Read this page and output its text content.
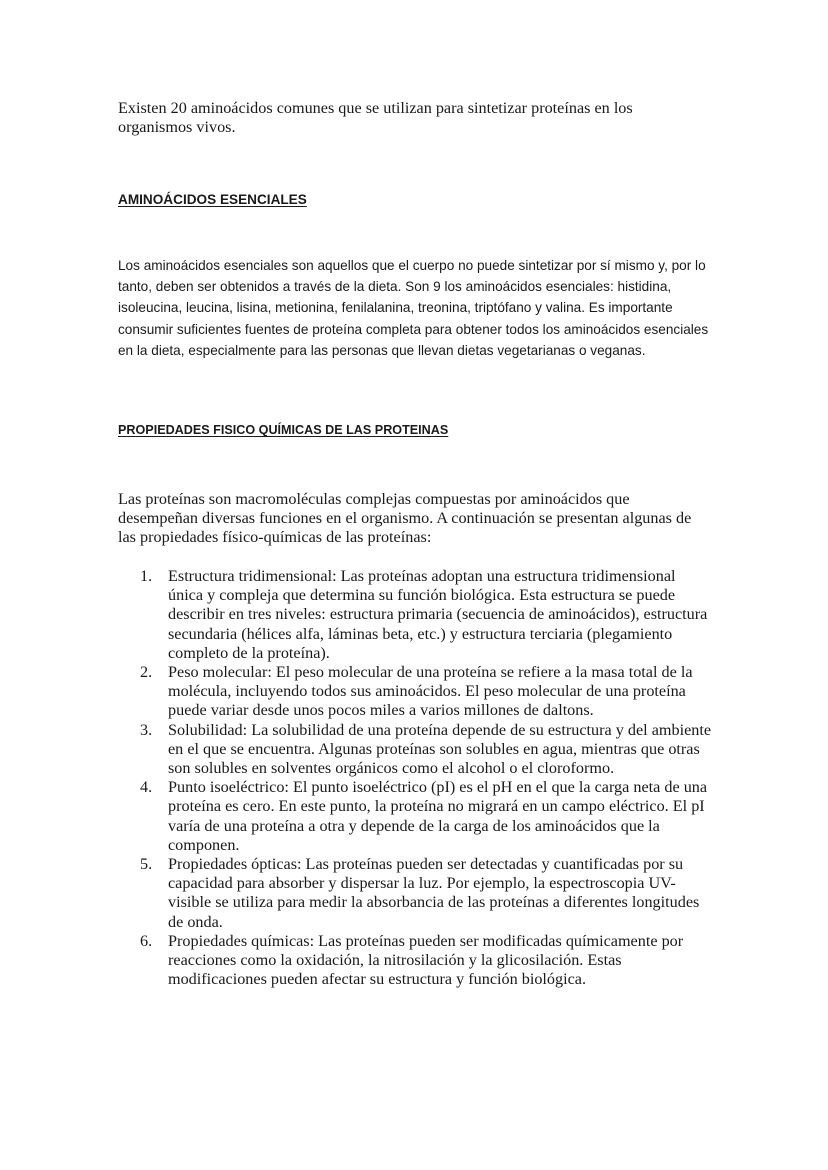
Existen 20 aminoácidos comunes que se utilizan para sintetizar proteínas en los organismos vivos.

AMINOÁCIDOS ESENCIALES

Los aminoácidos esenciales son aquellos que el cuerpo no puede sintetizar por sí mismo y, por lo tanto, deben ser obtenidos a través de la dieta. Son 9 los aminoácidos esenciales: histidina, isoleucina, leucina, lisina, metionina, fenilalanina, treonina, triptófano y valina. Es importante consumir suficientes fuentes de proteína completa para obtener todos los aminoácidos esenciales en la dieta, especialmente para las personas que llevan dietas vegetarianas o veganas.

PROPIEDADES FISICO QUÍMICAS DE LAS PROTEINAS

Las proteínas son macromoléculas complejas compuestas por aminoácidos que desempeñan diversas funciones en el organismo. A continuación se presentan algunas de las propiedades físico-químicas de las proteínas:

1. Estructura tridimensional: Las proteínas adoptan una estructura tridimensional única y compleja que determina su función biológica. Esta estructura se puede describir en tres niveles: estructura primaria (secuencia de aminoácidos), estructura secundaria (hélices alfa, láminas beta, etc.) y estructura terciaria (plegamiento completo de la proteína).
2. Peso molecular: El peso molecular de una proteína se refiere a la masa total de la molécula, incluyendo todos sus aminoácidos. El peso molecular de una proteína puede variar desde unos pocos miles a varios millones de daltons.
3. Solubilidad: La solubilidad de una proteína depende de su estructura y del ambiente en el que se encuentra. Algunas proteínas son solubles en agua, mientras que otras son solubles en solventes orgánicos como el alcohol o el cloroformo.
4. Punto isoeléctrico: El punto isoeléctrico (pI) es el pH en el que la carga neta de una proteína es cero. En este punto, la proteína no migrará en un campo eléctrico. El pI varía de una proteína a otra y depende de la carga de los aminoácidos que la componen.
5. Propiedades ópticas: Las proteínas pueden ser detectadas y cuantificadas por su capacidad para absorber y dispersar la luz. Por ejemplo, la espectroscopia UV-visible se utiliza para medir la absorbancia de las proteínas a diferentes longitudes de onda.
6. Propiedades químicas: Las proteínas pueden ser modificadas químicamente por reacciones como la oxidación, la nitrosilación y la glicosilación. Estas modificaciones pueden afectar su estructura y función biológica.
